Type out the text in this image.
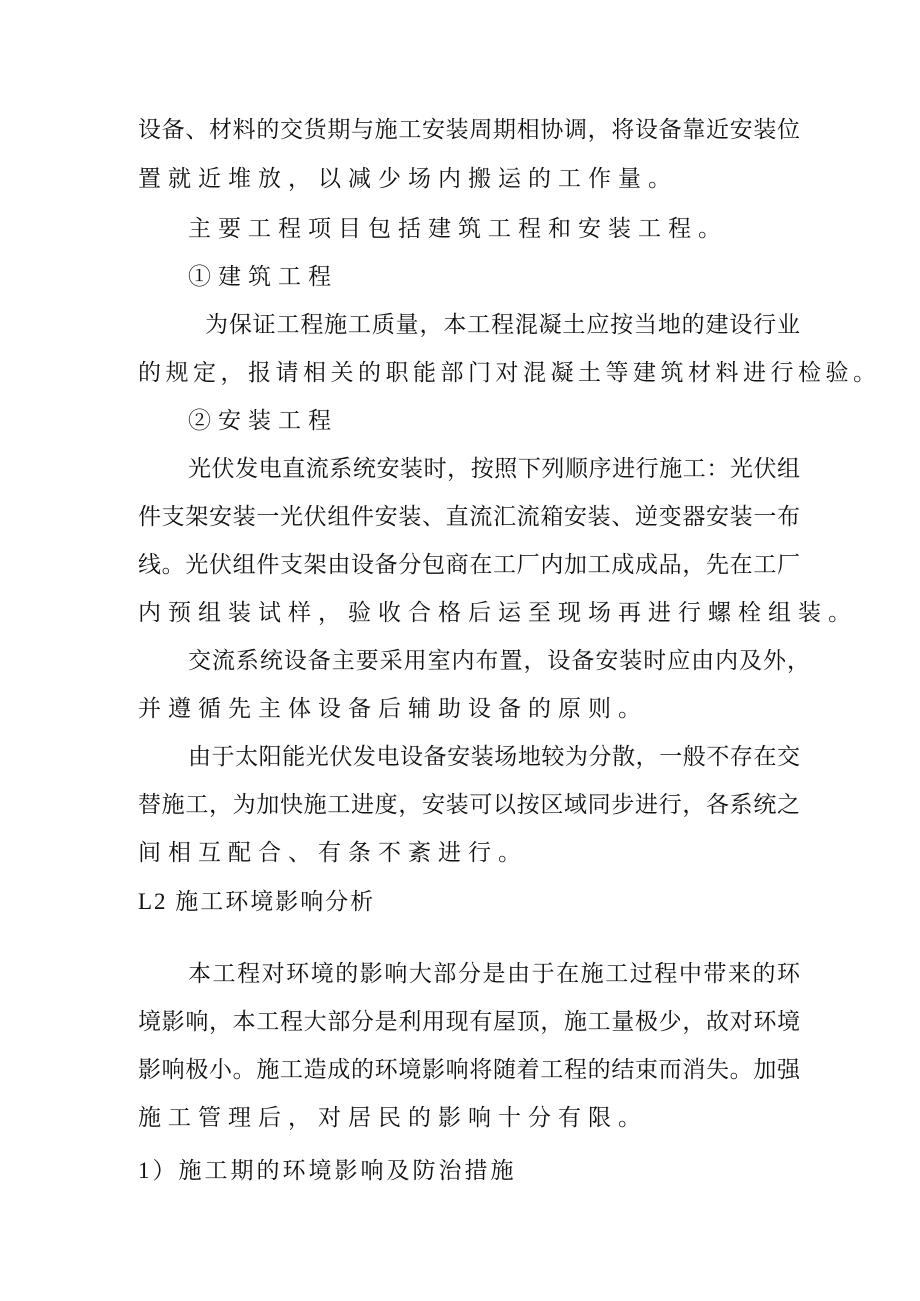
设备、材料的交货期与施工安装周期相协调，将设备靠近安装位
置就近堆放，以减少场内搬运的工作量。
主要工程项目包括建筑工程和安装工程。
①建筑工程
为保证工程施工质量，本工程混凝土应按当地的建设行业
的规定，报请相关的职能部门对混凝土等建筑材料进行检验。
②安装工程
光伏发电直流系统安装时，按照下列顺序进行施工：光伏组
件支架安装一光伏组件安装、直流汇流箱安装、逆变器安装一布
线。光伏组件支架由设备分包商在工厂内加工成成品，先在工厂
内预组装试样，验收合格后运至现场再进行螺栓组装。
交流系统设备主要采用室内布置，设备安装时应由内及外，
并遵循先主体设备后辅助设备的原则。
由于太阳能光伏发电设备安装场地较为分散，一般不存在交
替施工，为加快施工进度，安装可以按区域同步进行，各系统之
间相互配合、有条不紊进行。
L2 施工环境影响分析
本工程对环境的影响大部分是由于在施工过程中带来的环
境影响，本工程大部分是利用现有屋顶，施工量极少，故对环境
影响极小。施工造成的环境影响将随着工程的结束而消失。加强
施工管理后，对居民的影响十分有限。
1）施工期的环境影响及防治措施
